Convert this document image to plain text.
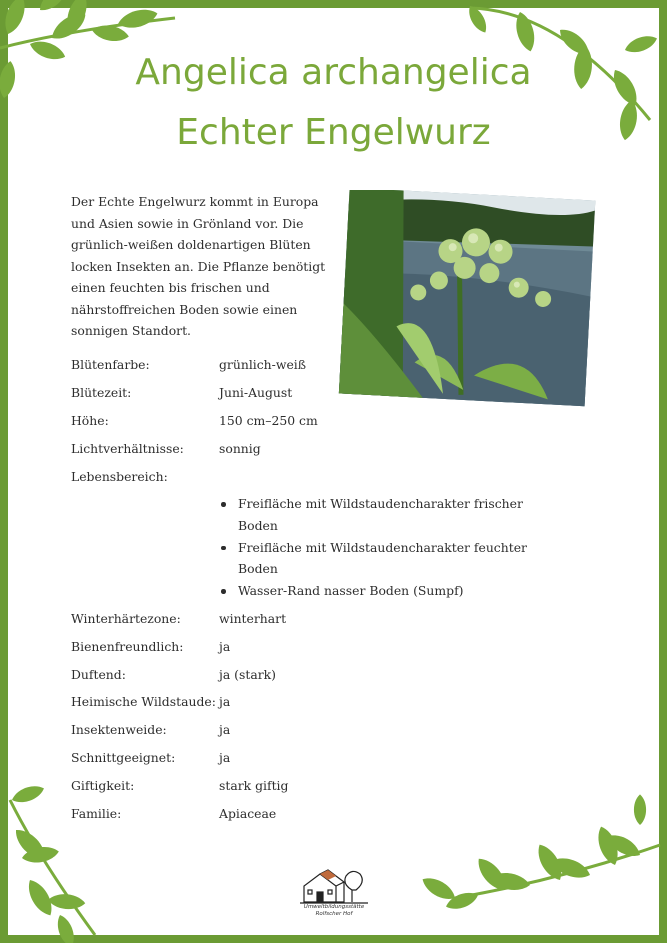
Angelica archangelica
Echter Engelwurz

Der Echte Engelwurz kommt in Europa und Asien sowie in Grönland vor. Die grünlich-weißen doldenartigen Blüten locken Insekten an. Die Pflanze benötigt einen feuchten bis frischen und nährstoffreichen Boden sowie einen sonnigen Standort.

Blütenfarbe:	grünlich-weiß
Blütezeit:	Juni-August
Höhe:	150 cm–250 cm
Lichtverhältnisse:	sonnig
Lebensbereich:
Freifläche mit Wildstaudencharakter frischer Boden
Freifläche mit Wildstaudencharakter feuchter Boden
Wasser-Rand nasser Boden (Sumpf)
Winterhärtezone:	winterhart
Bienenfreundlich:	ja
Duftend:	ja (stark)
Heimische Wildstaude: ja
Insektenweide:	ja
Schnittgeeignet:	ja
Giftigkeit:	stark giftig
Familie:	Apiaceae
Umweltbildungsstätte
Rolfscher Hof
